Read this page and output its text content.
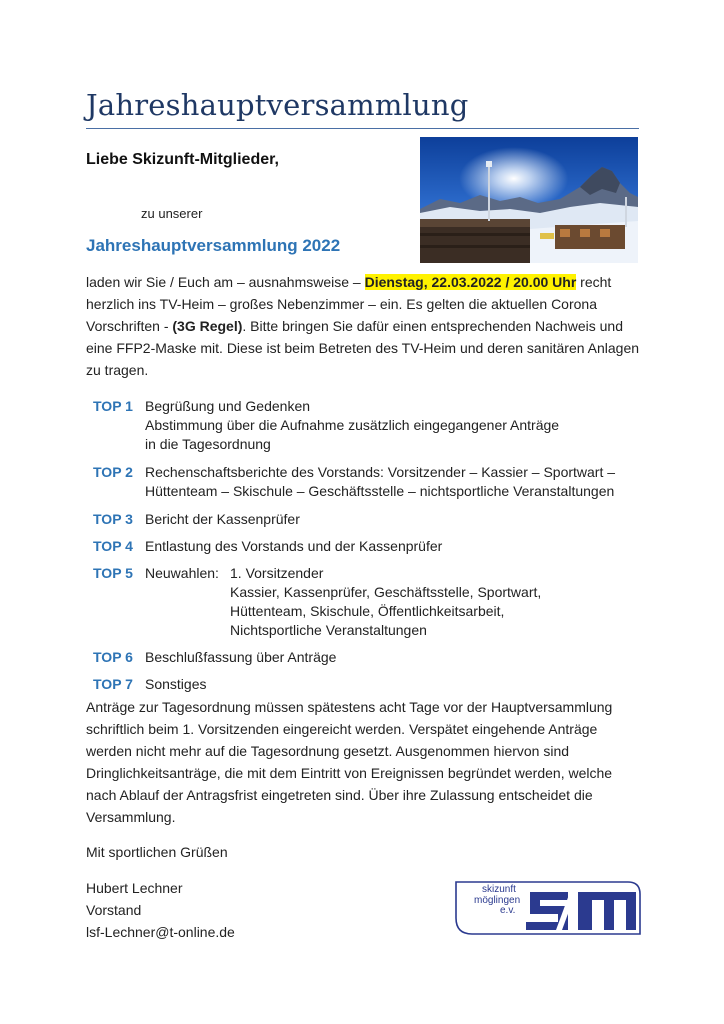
Jahreshauptversammlung
Liebe Skizunft-Mitglieder,
zu unserer
Jahreshauptversammlung 2022
laden wir Sie / Euch am – ausnahmsweise – Dienstag, 22.03.2022 / 20.00 Uhr recht herzlich ins TV-Heim – großes Nebenzimmer – ein. Es gelten die aktuellen Corona Vorschriften - (3G Regel). Bitte bringen Sie dafür einen entsprechenden Nachweis und eine FFP2-Maske mit. Diese ist beim Betreten des TV-Heim und deren sanitären Anlagen zu tragen.
TOP 1 Begrüßung und Gedenken
Abstimmung über die Aufnahme zusätzlich eingegangener Anträge
in die Tagesordnung
TOP 2 Rechenschaftsberichte des Vorstands: Vorsitzender – Kassier – Sportwart –
Hüttenteam – Skischule – Geschäftsstelle – nichtsportliche Veranstaltungen
TOP 3 Bericht der Kassenprüfer
TOP 4 Entlastung des Vorstands und der Kassenprüfer
TOP 5 Neuwahlen: 1. Vorsitzender
Kassier, Kassenprüfer, Geschäftsstelle, Sportwart,
Hüttenteam, Skischule, Öffentlichkeitsarbeit,
Nichtsportliche Veranstaltungen
TOP 6 Beschlußfassung über Anträge
TOP 7 Sonstiges
Anträge zur Tagesordnung müssen spätestens acht Tage vor der Hauptversammlung schriftlich beim 1. Vorsitzenden eingereicht werden. Verspätet eingehende Anträge werden nicht mehr auf die Tagesordnung gesetzt. Ausgenommen hiervon sind Dringlichkeitsanträge, die mit dem Eintritt von Ereignissen begründet werden, welche nach Ablauf der Antragsfrist eingetreten sind. Über ihre Zulassung entscheidet die Versammlung.
Mit sportlichen Grüßen
Hubert Lechner
Vorstand
lsf-Lechner@t-online.de
skizunft
möglingen
e.v.
